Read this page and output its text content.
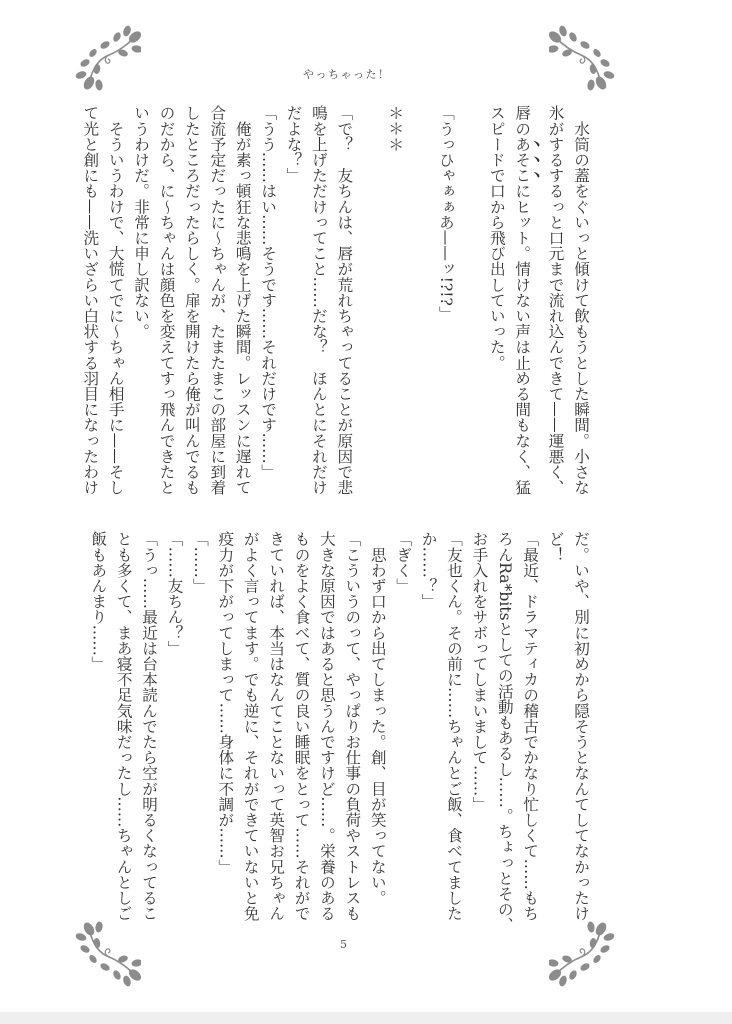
やっちゃった！
　水筒の蓋をぐいっと傾けて飲もうとした瞬間。小さな
氷がするするっと口元まで流れ込んできて——運悪く、
唇のあそこにヒット。情けない声は止める間もなく、猛
スピードで口から飛び出していった。
「うっひゃぁぁあ——ッ!?!?」
＊＊＊
「で？　友ちんは、唇が荒れちゃってることが原因で悲
鳴を上げただけってこと……だな？　ほんとにそれだけ
だよな？」
「うう……はい……そうです……それだけです……」
　俺が素っ頓狂な悲鳴を上げた瞬間。レッスンに遅れて
合流予定だったに～ちゃんが、たまたまこの部屋に到着
したところだったらしく。扉を開けたら俺が叫んでるも
のだから、に～ちゃんは顔色を変えてすっ飛んできたと
いうわけだ。非常に申し訳ない。
　そういうわけで、大慌てでに～ちゃん相手に——そし
て光と創にも——洗いざらい白状する羽目になったわけ
だ。いや、別に初めから隠そうとなんてしてなかったけ
ど！
「最近、ドラマティカの稽古でかなり忙しくて……もち
ろんRa*bitsとしての活動もあるし……。ちょっとその、
お手入れをサボってしまいまして……」
「友也くん。その前に……ちゃんとご飯、食べてました
か……？」
「ぎく」
　思わず口から出てしまった。創、目が笑ってない。
「こういうのって、やっぱりお仕事の負荷やストレスも
大きな原因ではあると思うんですけど……。栄養のある
ものをよく食べて、質の良い睡眠をとって……それがで
きていれば、本当はなんてことないって英智お兄ちゃん
がよく言ってます。でも逆に、それができていないと免
疫力が下がってしまって……身体に不調が……」
「……」
「……友ちん？」
「うっ……最近は台本読んでたら空が明るくなってるこ
とも多くて、まあ寝不足気味だったし……ちゃんとしご
飯もあんまり……」
5
